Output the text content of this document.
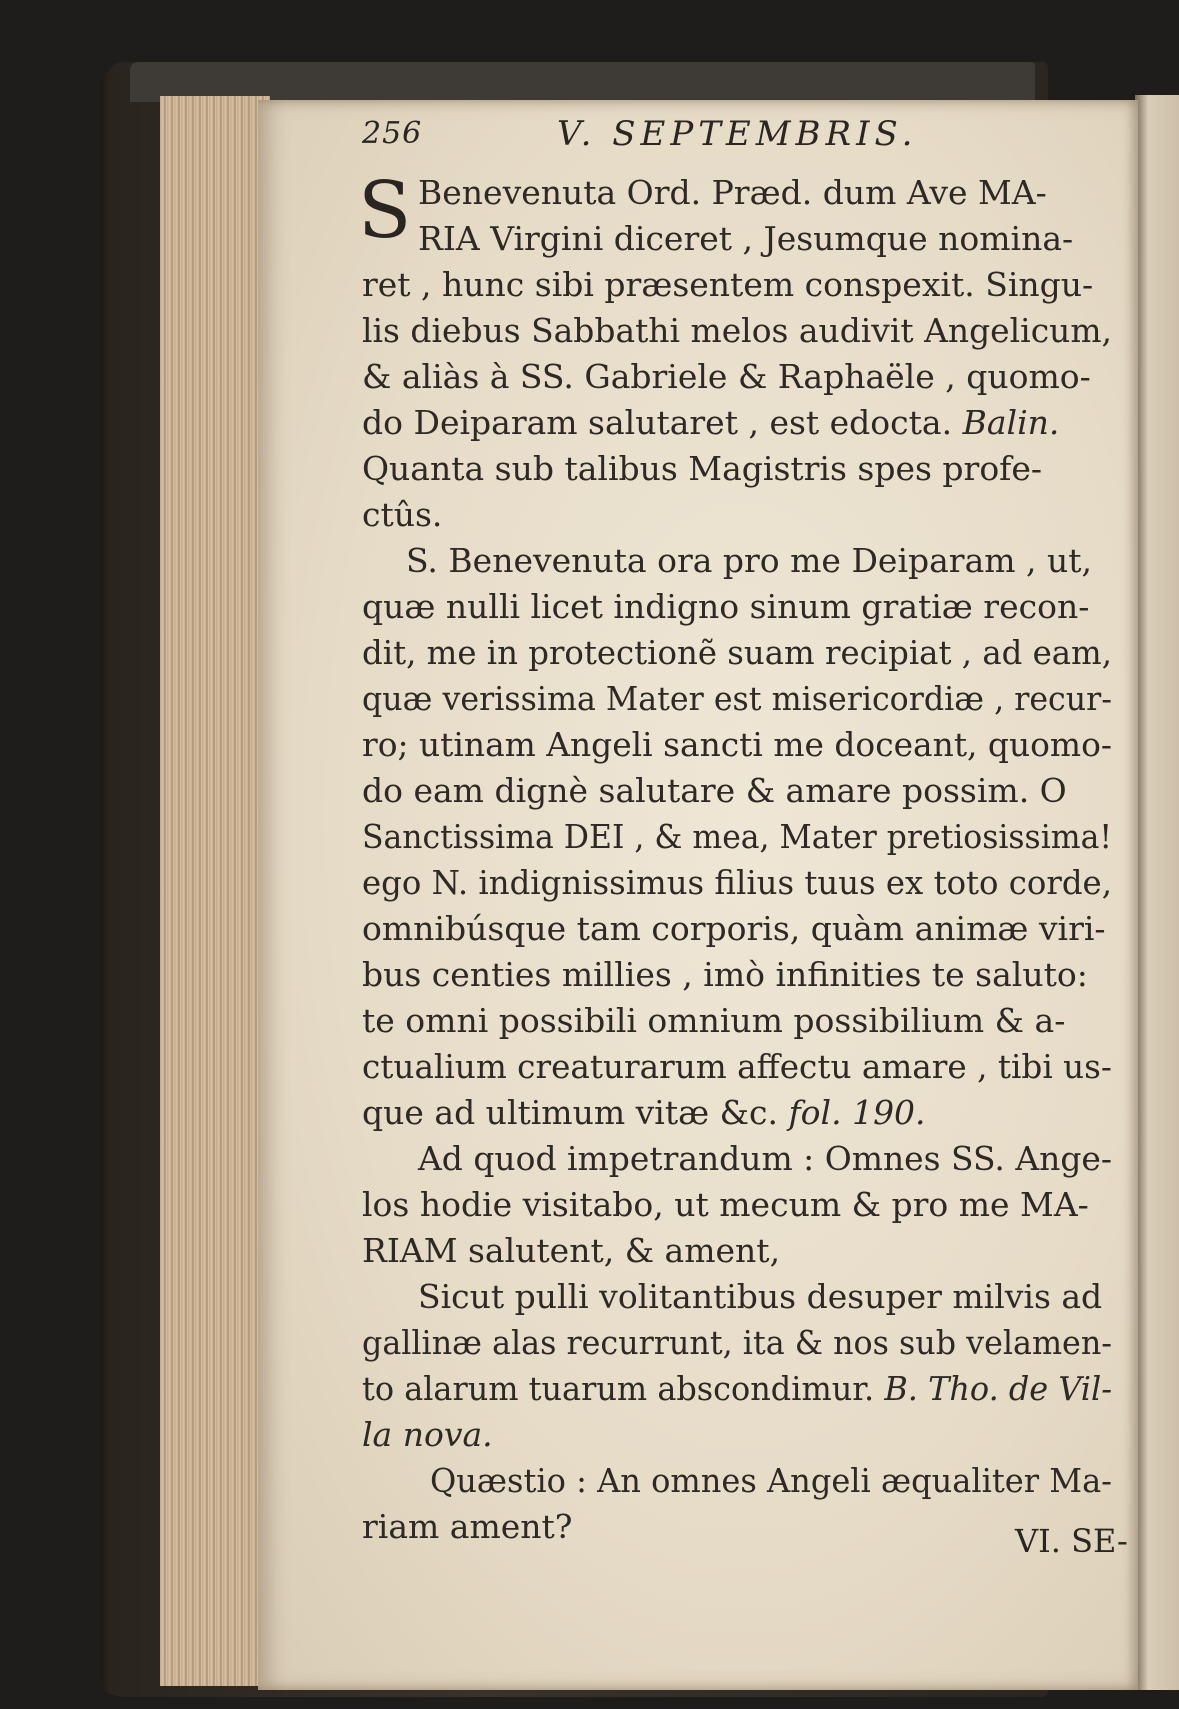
256	V. SEPTEMBRIS.
S Benevenuta Ord. Præd. dum Ave MA-
RIA Virgini diceret , Jesumque nomina-
ret , hunc sibi præsentem conspexit. Singu-
lis diebus Sabbathi melos audivit Angelicum,
& aliàs à SS. Gabriele & Raphaële , quomo-
do Deiparam salutaret , est edocta. Balin.
Quanta sub talibus Magistris spes profe-
ctûs.
S. Benevenuta ora pro me Deiparam , ut,
quæ nulli licet indigno sinum gratiæ recon-
dit, me in protectionẽ suam recipiat , ad eam,
quæ verissima Mater est misericordiæ , recur-
ro; utinam Angeli sancti me doceant, quomo-
do eam dignè salutare & amare possim. O
Sanctissima DEI , & mea, Mater pretiosissima!
ego N. indignissimus filius tuus ex toto corde,
omnibúsque tam corporis, quàm animæ viri-
bus centies millies , imò infinities te saluto:
te omni possibili omnium possibilium & a-
ctualium creaturarum affectu amare , tibi us-
que ad ultimum vitæ &c. fol. 190.
Ad quod impetrandum : Omnes SS. Ange-
los hodie visitabo, ut mecum & pro me MA-
RIAM salutent, & ament,
Sicut pulli volitantibus desuper milvis ad
gallinæ alas recurrunt, ita & nos sub velamen-
to alarum tuarum abscondimur. B. Tho. de Vil-
la nova.
Quæstio : An omnes Angeli æqualiter Ma-
riam ament?	VI. SE-
